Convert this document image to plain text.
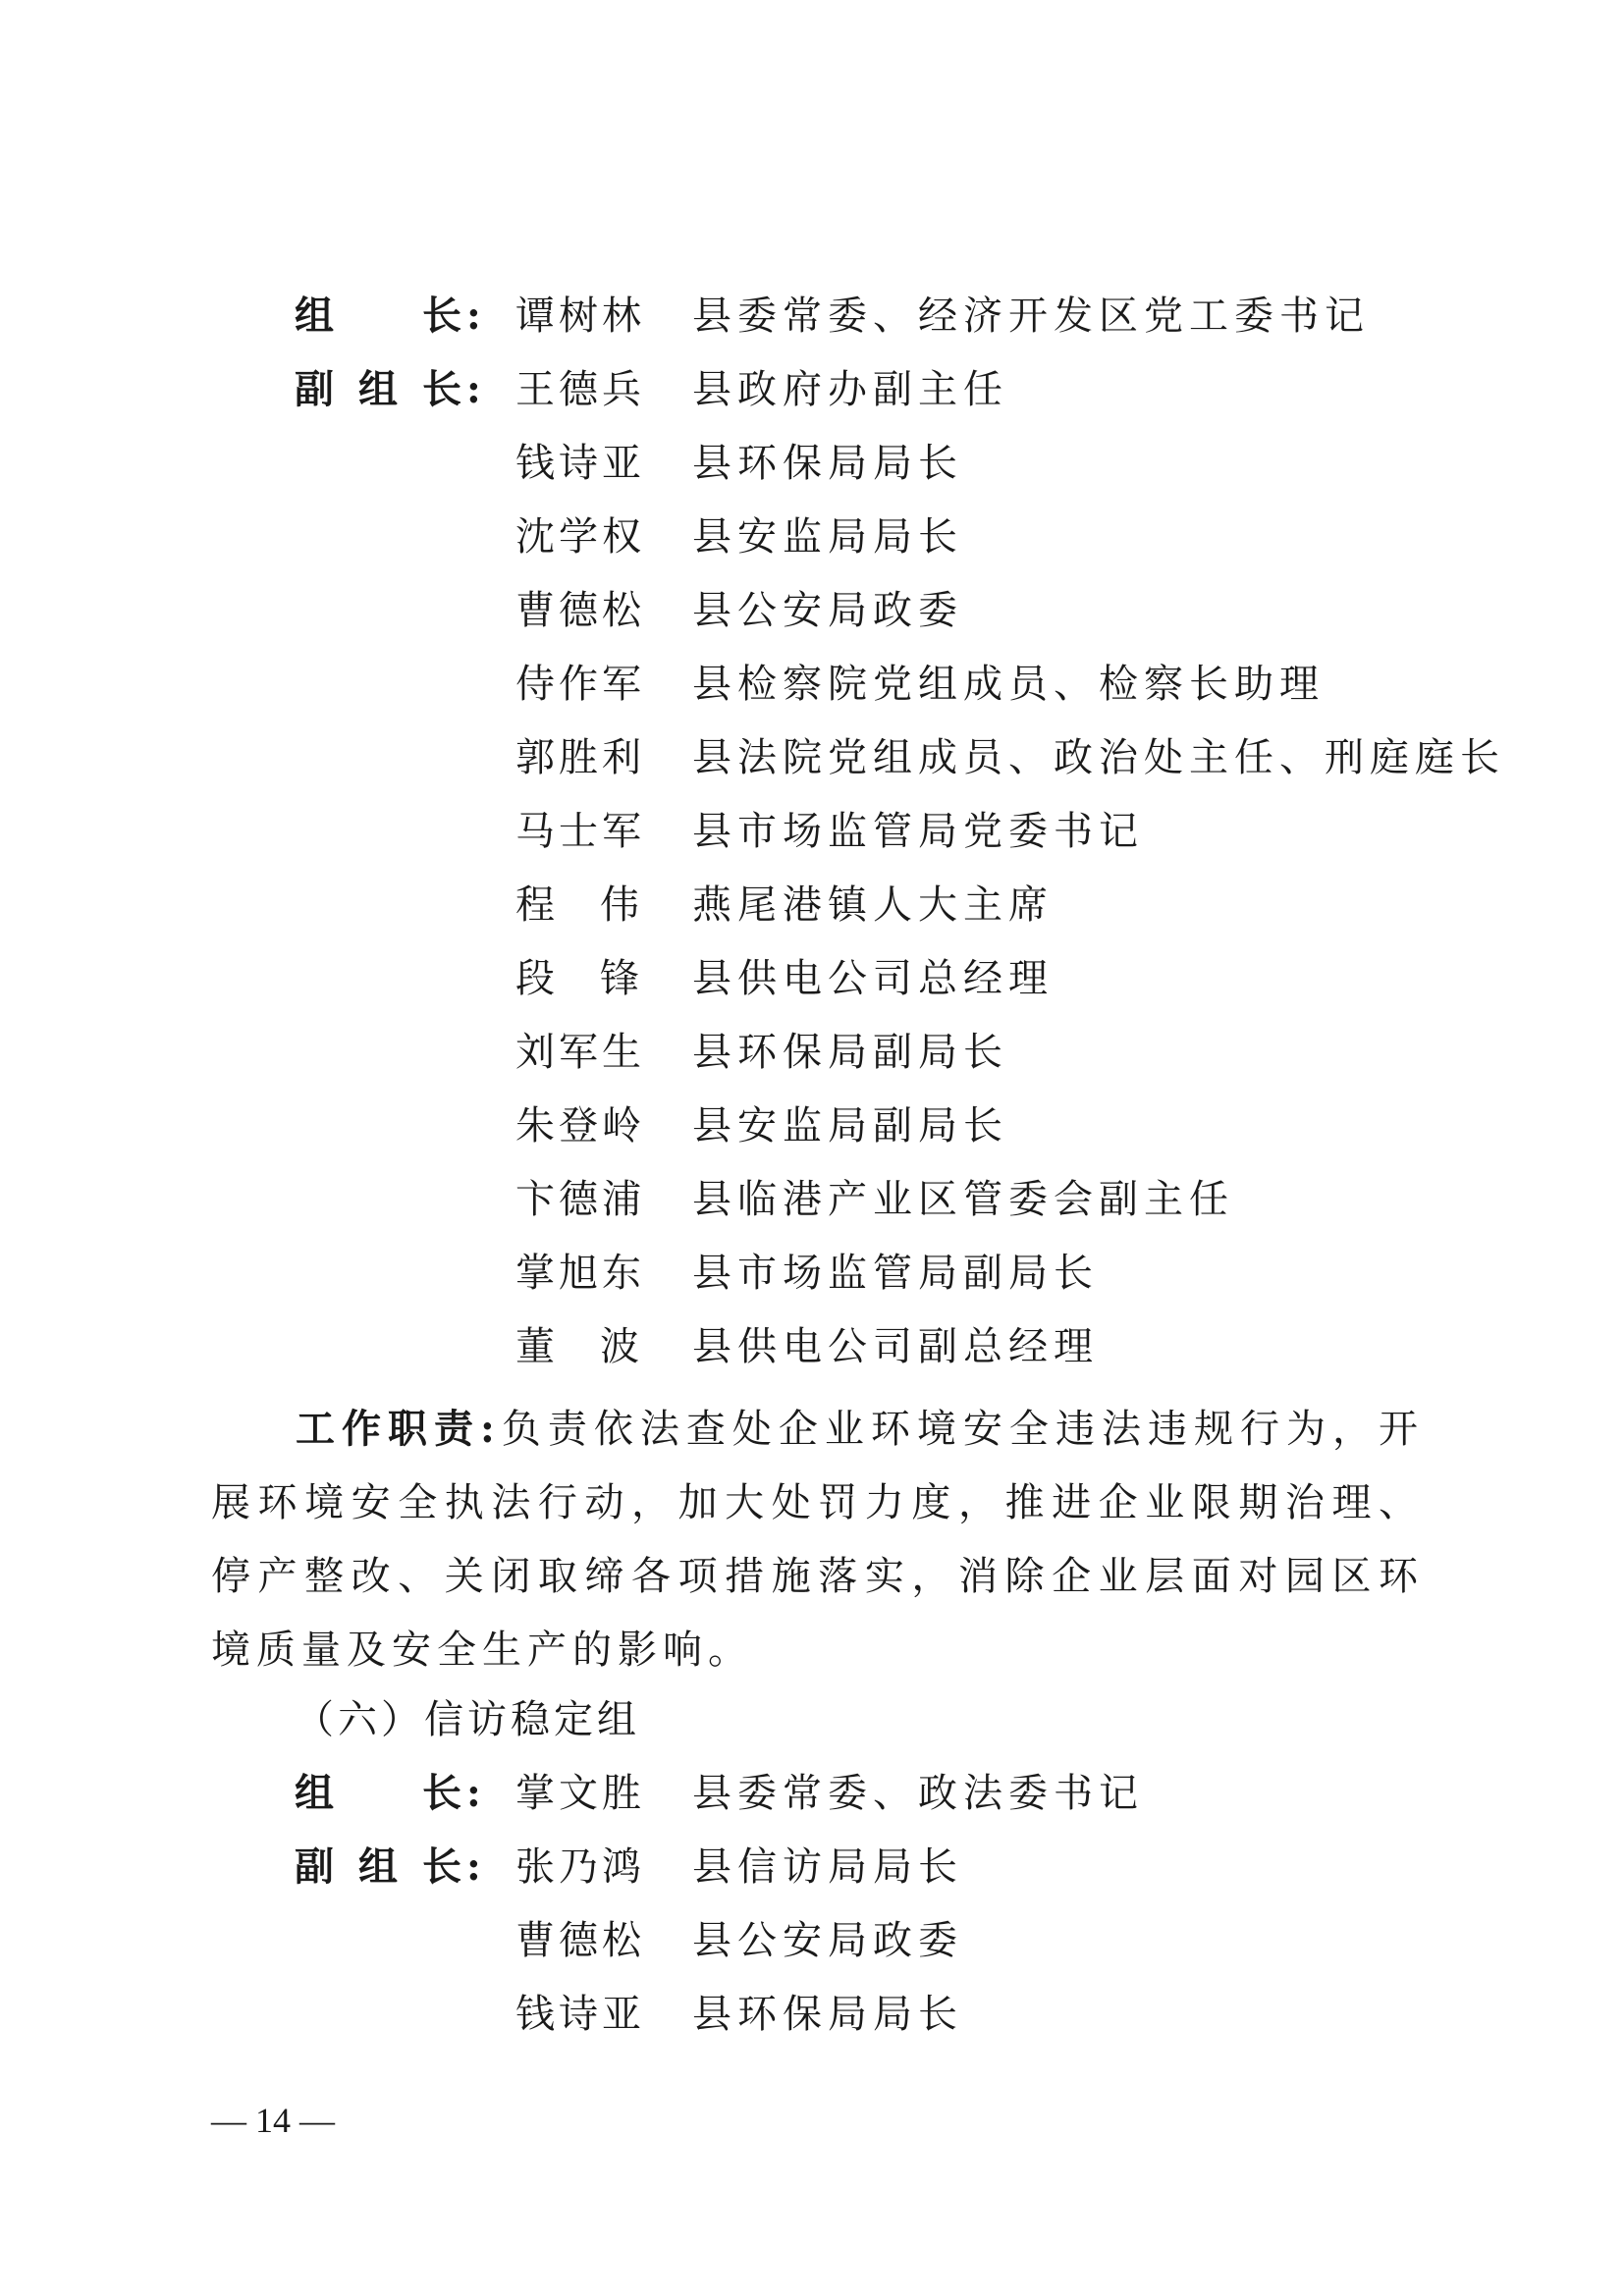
组 长 : 谭树林 县委常委、经济开发区党工委书记
副 组 长 : 王德兵 县政府办副主任
钱诗亚 县环保局局长
沈学权 县安监局局长
曹德松 县公安局政委
侍作军 县检察院党组成员、检察长助理
郭胜利 县法院党组成员、政治处主任、刑庭庭长
马士军 县市场监管局党委书记
程 伟 燕尾港镇人大主席
段 锋 县供电公司总经理
刘军生 县环保局副局长
朱登岭 县安监局副局长
卞德浦 县临港产业区管委会副主任
掌旭东 县市场监管局副局长
董 波 县供电公司副总经理
工作职责:负责依法查处企业环境安全违法违规行为，开展环境安全执法行动，加大处罚力度，推进企业限期治理、停产整改、关闭取缔各项措施落实，消除企业层面对园区环境质量及安全生产的影响。
（六）信访稳定组
组 长 : 掌文胜 县委常委、政法委书记
副 组 长 : 张乃鸿 县信访局局长
曹德松 县公安局政委
钱诗亚 县环保局局长
— 14 —
